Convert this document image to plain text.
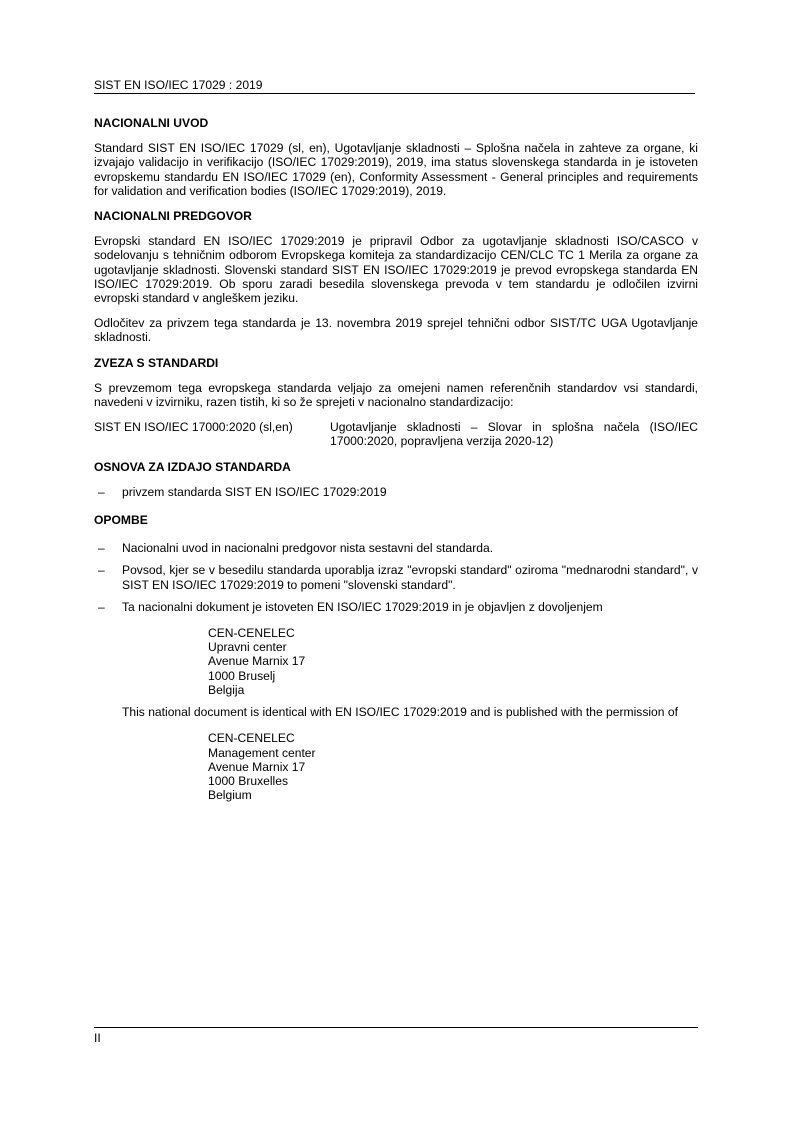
SIST EN ISO/IEC 17029 : 2019
NACIONALNI UVOD

Standard SIST EN ISO/IEC 17029 (sl, en), Ugotavljanje skladnosti – Splošna načela in zahteve za organe, ki izvajajo validacijo in verifikacijo (ISO/IEC 17029:2019), 2019, ima status slovenskega standarda in je istoveten evropskemu standardu EN ISO/IEC 17029 (en), Conformity Assessment - General principles and requirements for validation and verification bodies (ISO/IEC 17029:2019), 2019.

NACIONALNI PREDGOVOR

Evropski standard EN ISO/IEC 17029:2019 je pripravil Odbor za ugotavljanje skladnosti ISO/CASCO v sodelovanju s tehničnim odborom Evropskega komiteja za standardizacijo CEN/CLC TC 1 Merila za organe za ugotavljanje skladnosti. Slovenski standard SIST EN ISO/IEC 17029:2019 je prevod evropskega standarda EN ISO/IEC 17029:2019. Ob sporu zaradi besedila slovenskega prevoda v tem standardu je odločilen izvirni evropski standard v angleškem jeziku.

Odločitev za privzem tega standarda je 13. novembra 2019 sprejel tehnični odbor SIST/TC UGA Ugotavljanje skladnosti.

ZVEZA S STANDARDI

S prevzemom tega evropskega standarda veljajo za omejeni namen referenčnih standardov vsi standardi, navedeni v izvirniku, razen tistih, ki so že sprejeti v nacionalno standardizacijo:

SIST EN ISO/IEC 17000:2020 (sl,en)	Ugotavljanje skladnosti – Slovar in splošna načela (ISO/IEC 17000:2020, popravljena verzija 2020-12)
OSNOVA ZA IZDAJO STANDARDA
– privzem standarda SIST EN ISO/IEC 17029:2019
OPOMBE
– Nacionalni uvod in nacionalni predgovor nista sestavni del standarda.
– Povsod, kjer se v besedilu standarda uporablja izraz "evropski standard" oziroma "mednarodni standard", v SIST EN ISO/IEC 17029:2019 to pomeni "slovenski standard".
– Ta nacionalni dokument je istoveten EN ISO/IEC 17029:2019 in je objavljen z dovoljenjem
CEN-CENELEC
Upravni center
Avenue Marnix 17
1000 Bruselj
Belgija

This national document is identical with EN ISO/IEC 17029:2019 and is published with the permission of

CEN-CENELEC
Management center
Avenue Marnix 17
1000 Bruxelles
Belgium
II
